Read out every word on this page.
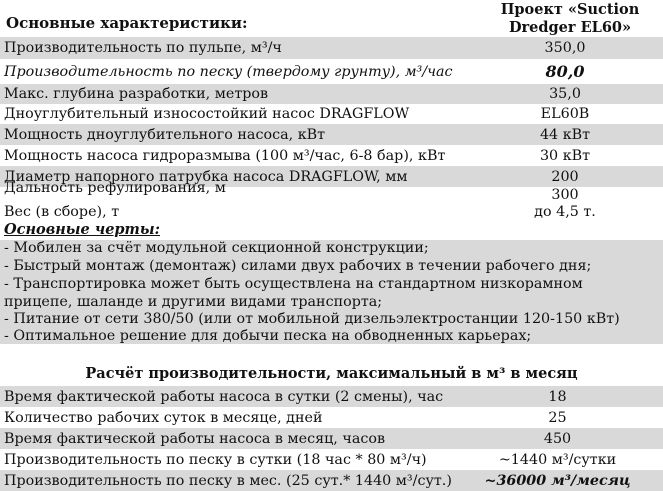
Основные характеристики:
Проект «Suction
Dredger EL60»
Производительность по пульпе, м³/ч	350,0
Производительность по песку (твердому грунту), м³/час	80,0
Макс. глубина разработки, метров	35,0
Дноуглубительный износостойкий насос DRAGFLOW	EL60B
Мощность дноуглубительного насоса, кВт	44 кВт
Мощность насоса гидроразмыва (100 м³/час, 6-8 бар), кВт	30 кВт
Диаметр напорного патрубка насоса DRAGFLOW, мм	200
Дальность рефулирования, м	300
Вес (в сборе), т	до 4,5 т.
Основные черты:
- Мобилен за счёт модульной секционной конструкции;
- Быстрый монтаж (демонтаж) силами двух рабочих в течении рабочего дня;
- Транспортировка может быть осуществлена на стандартном низкорамном
прицепе, шаланде и другими видами транспорта;
- Питание от сети 380/50 (или от мобильной дизельэлектростанции 120-150 кВт)
- Оптимальное решение для добычи песка на обводненных карьерах;
Расчёт производительности, максимальный в м³ в месяц
Время фактической работы насоса в сутки (2 смены), час	18
Количество рабочих суток в месяце, дней	25
Время фактической работы насоса в месяц, часов	450
Производительность по песку в сутки (18 час * 80 м³/ч)	~1440 м³/сутки
Производительность по песку в мес. (25 сут.* 1440 м³/сут.)	~36000 м³/месяц
